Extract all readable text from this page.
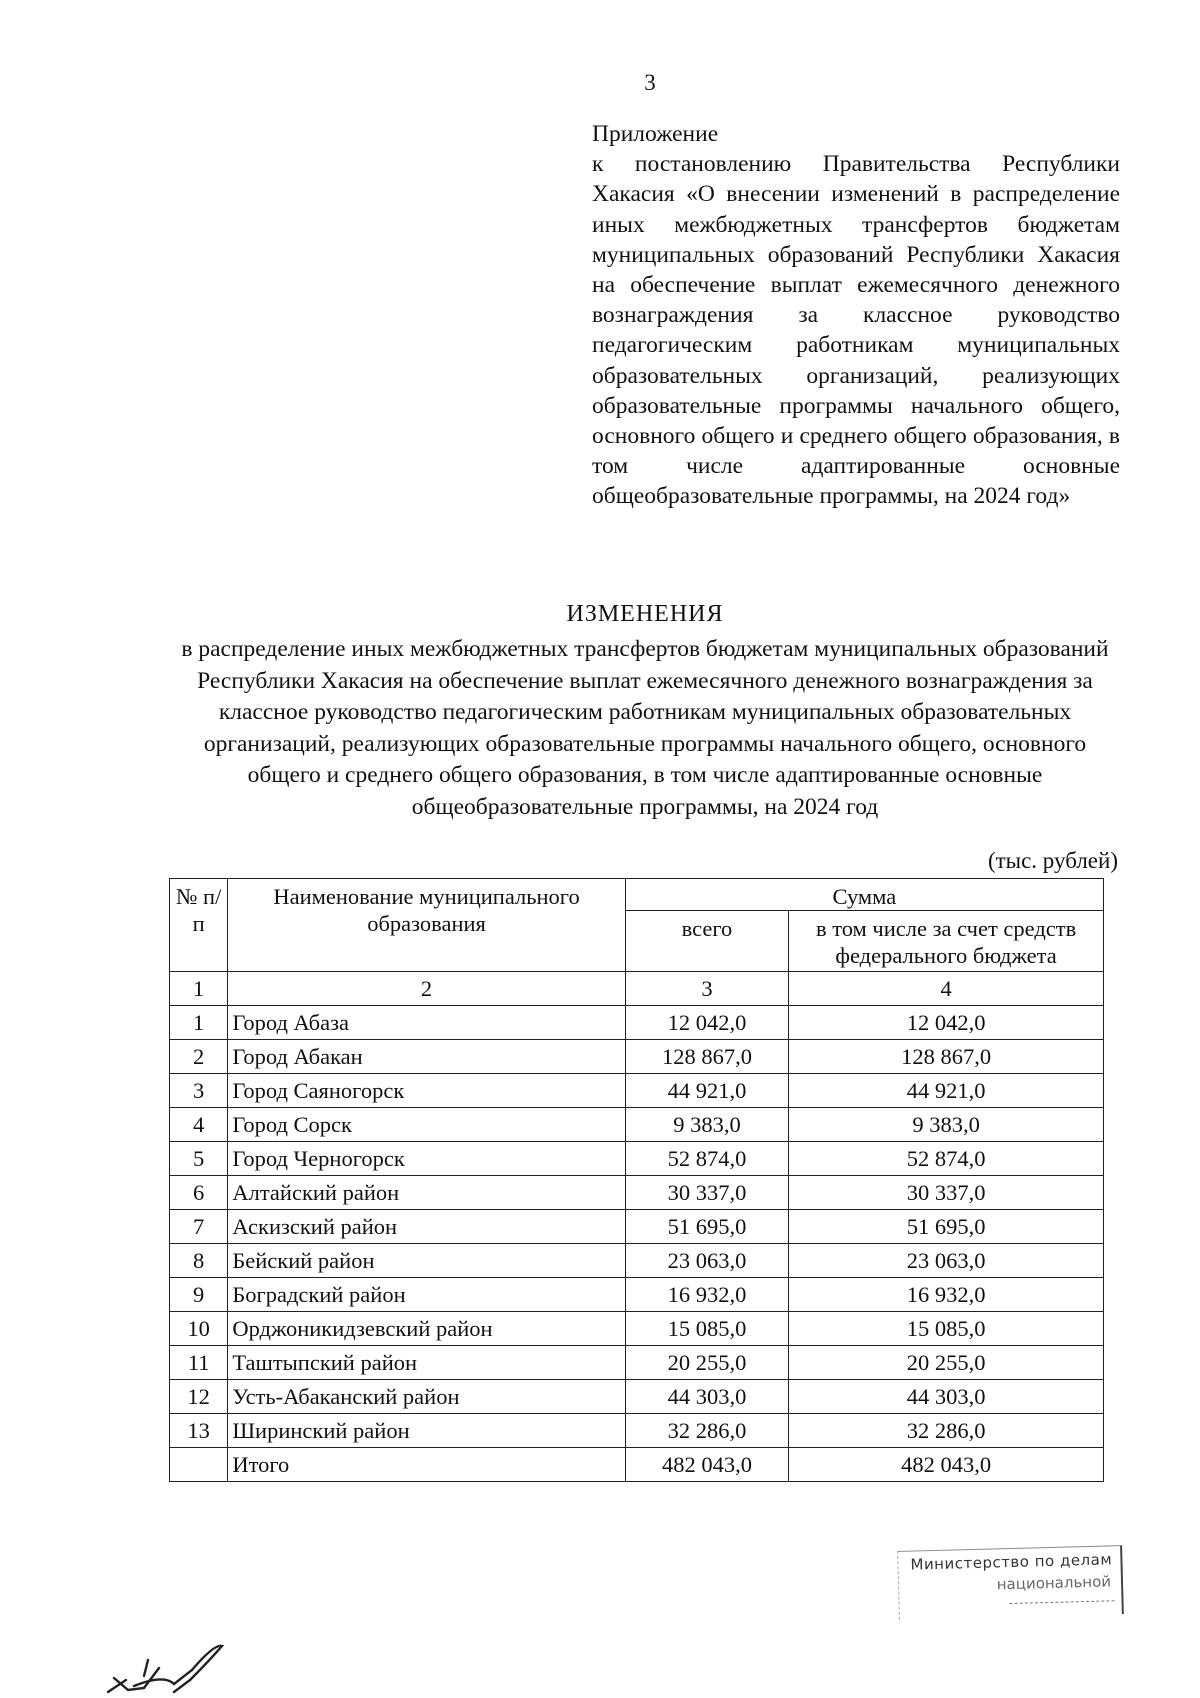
3
Приложение
к постановлению Правительства Республики Хакасия «О внесении изменений в распределение иных межбюджетных трансфертов бюджетам муниципальных образований Республики Хакасия на обеспечение выплат ежемесячного денежного вознаграждения за классное руководство педагогическим работникам муниципальных образовательных организаций, реализующих образовательные программы начального общего, основного общего и среднего общего образования, в том числе адаптированные основные общеобразовательные программы, на 2024 год»
ИЗМЕНЕНИЯ
в распределение иных межбюджетных трансфертов бюджетам муниципальных образований Республики Хакасия на обеспечение выплат ежемесячного денежного вознаграждения за классное руководство педагогическим работникам муниципальных образовательных организаций, реализующих образовательные программы начального общего, основного общего и среднего общего образования, в том числе адаптированные основные общеобразовательные программы, на 2024 год
(тыс. рублей)
№ п/п	Наименование муниципального образования	Сумма	
		всего	в том числе за счет средств федерального бюджета
1	2	3	4
1	Город Абаза	12 042,0	12 042,0
2	Город Абакан	128 867,0	128 867,0
3	Город Саяногорск	44 921,0	44 921,0
4	Город Сорск	9 383,0	9 383,0
5	Город Черногорск	52 874,0	52 874,0
6	Алтайский район	30 337,0	30 337,0
7	Аскизский район	51 695,0	51 695,0
8	Бейский район	23 063,0	23 063,0
9	Боградский район	16 932,0	16 932,0
10	Орджоникидзевский район	15 085,0	15 085,0
11	Таштыпский район	20 255,0	20 255,0
12	Усть-Абаканский район	44 303,0	44 303,0
13	Ширинский район	32 286,0	32 286,0
	Итого	482 043,0	482 043,0
Министерство по делам
национальной
